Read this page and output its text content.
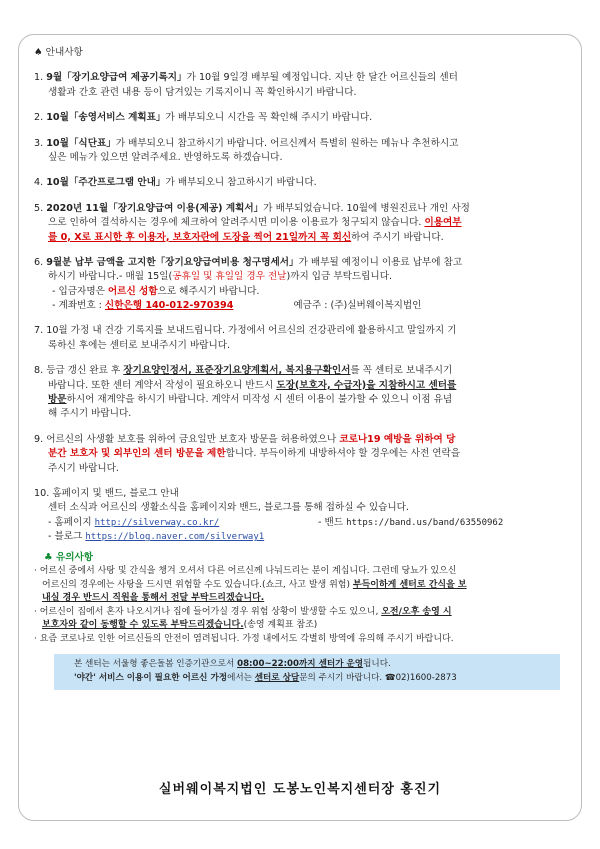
♠ 안내사항

1. 9월「장기요양급여 제공기록지」가 10월 9일경 배부될 예정입니다. 지난 한 달간 어르신들의 센터

생활과 간호 관련 내용 등이 담겨있는 기록지이니 꼭 확인하시기 바랍니다.

2. 10월「송영서비스 계획표」가 배부되오니 시간을 꼭 확인해 주시기 바랍니다.

3. 10월「식단표」가 배부되오니 참고하시기 바랍니다. 어르신께서 특별히 원하는 메뉴나 추천하시고

싶은 메뉴가 있으면 알려주세요. 반영하도록 하겠습니다.

4. 10월「주간프로그램 안내」가 배부되오니 참고하시기 바랍니다.

5. 2020년 11월「장기요양급여 이용(제공) 계획서」가 배부되었습니다. 10월에 병원진료나 개인 사정

으로 인하여 결석하시는 경우에 체크하여 알려주시면 미이용 이용료가 청구되지 않습니다. 이용여부

를 0, X로 표시한 후 이용자, 보호자란에 도장을 찍어 21일까지 꼭 회신하여 주시기 바랍니다.

6. 9월분 납부 금액을 고지한「장기요양급여비용 청구명세서」가 배부될 예정이니 이용료 납부에 참고

하시기 바랍니다.- 매월 15일(공휴일 및 휴일일 경우 전날)까지 입금 부탁드립니다.

- 입금자명은 어르신 성함으로 해주시기 바랍니다.

- 계좌번호 : 신한은행 140-012-970394	예금주 : (주)실버웨이복지법인

7. 10월 가정 내 건강 기록지를 보내드립니다. 가정에서 어르신의 건강관리에 활용하시고 말일까지 기

록하신 후에는 센터로 보내주시기 바랍니다.

8. 등급 갱신 완료 후 장기요양인정서, 표준장기요양계획서, 복지용구확인서를 꼭 센터로 보내주시기

바랍니다. 또한 센터 계약서 작성이 필요하오니 반드시 도장(보호자, 수급자)을 지참하시고 센터를

방문하시어 재계약을 하시기 바랍니다. 계약서 미작성 시 센터 이용이 불가할 수 있으니 이점 유념

해 주시기 바랍니다.

9. 어르신의 사생활 보호를 위하여 금요일만 보호자 방문을 허용하였으나 코로나19 예방을 위하여 당

분간 보호자 및 외부인의 센터 방문을 제한합니다. 부득이하게 내방하셔야 할 경우에는 사전 연락을

주시기 바랍니다.

10. 홈페이지 및 밴드, 블로그 안내

센터 소식과 어르신의 생활소식을 홈페이지와 밴드, 블로그를 통해 접하실 수 있습니다.

- 홈페이지 http://silverway.co.kr/	- 밴드 https://band.us/band/63550962

- 블로그 https://blog.naver.com/silverway1

♣ 유의사항

· 어르신 중에서 사탕 및 간식을 챙겨 오셔서 다른 어르신께 나눠드리는 분이 계십니다. 그런데 당뇨가 있으신

어르신의 경우에는 사탕을 드시면 위험할 수도 있습니다.(쇼크, 사고 발생 위험) 부득이하게 센터로 간식을 보

내실 경우 반드시 직원을 통해서 전달 부탁드리겠습니다.

· 어르신이 집에서 혼자 나오시거나 집에 들어가실 경우 위험 상황이 발생할 수도 있으니, 오전/오후 송영 시

보호자와 같이 동행할 수 있도록 부탁드리겠습니다.(송영 계획표 참조)

· 요즘 코로나로 인한 어르신들의 안전이 염려됩니다. 가정 내에서도 각별히 방역에 유의해 주시기 바랍니다.

본 센터는 서울형 좋은돌봄 인증기관으로서 08:00~22:00까지 센터가 운영됩니다.

'야간' 서비스 이용이 필요한 어르신 가정에서는 센터로 상담문의 주시기 바랍니다. ☎02)1600-2873

실버웨이복지법인 도봉노인복지센터장 홍진기
